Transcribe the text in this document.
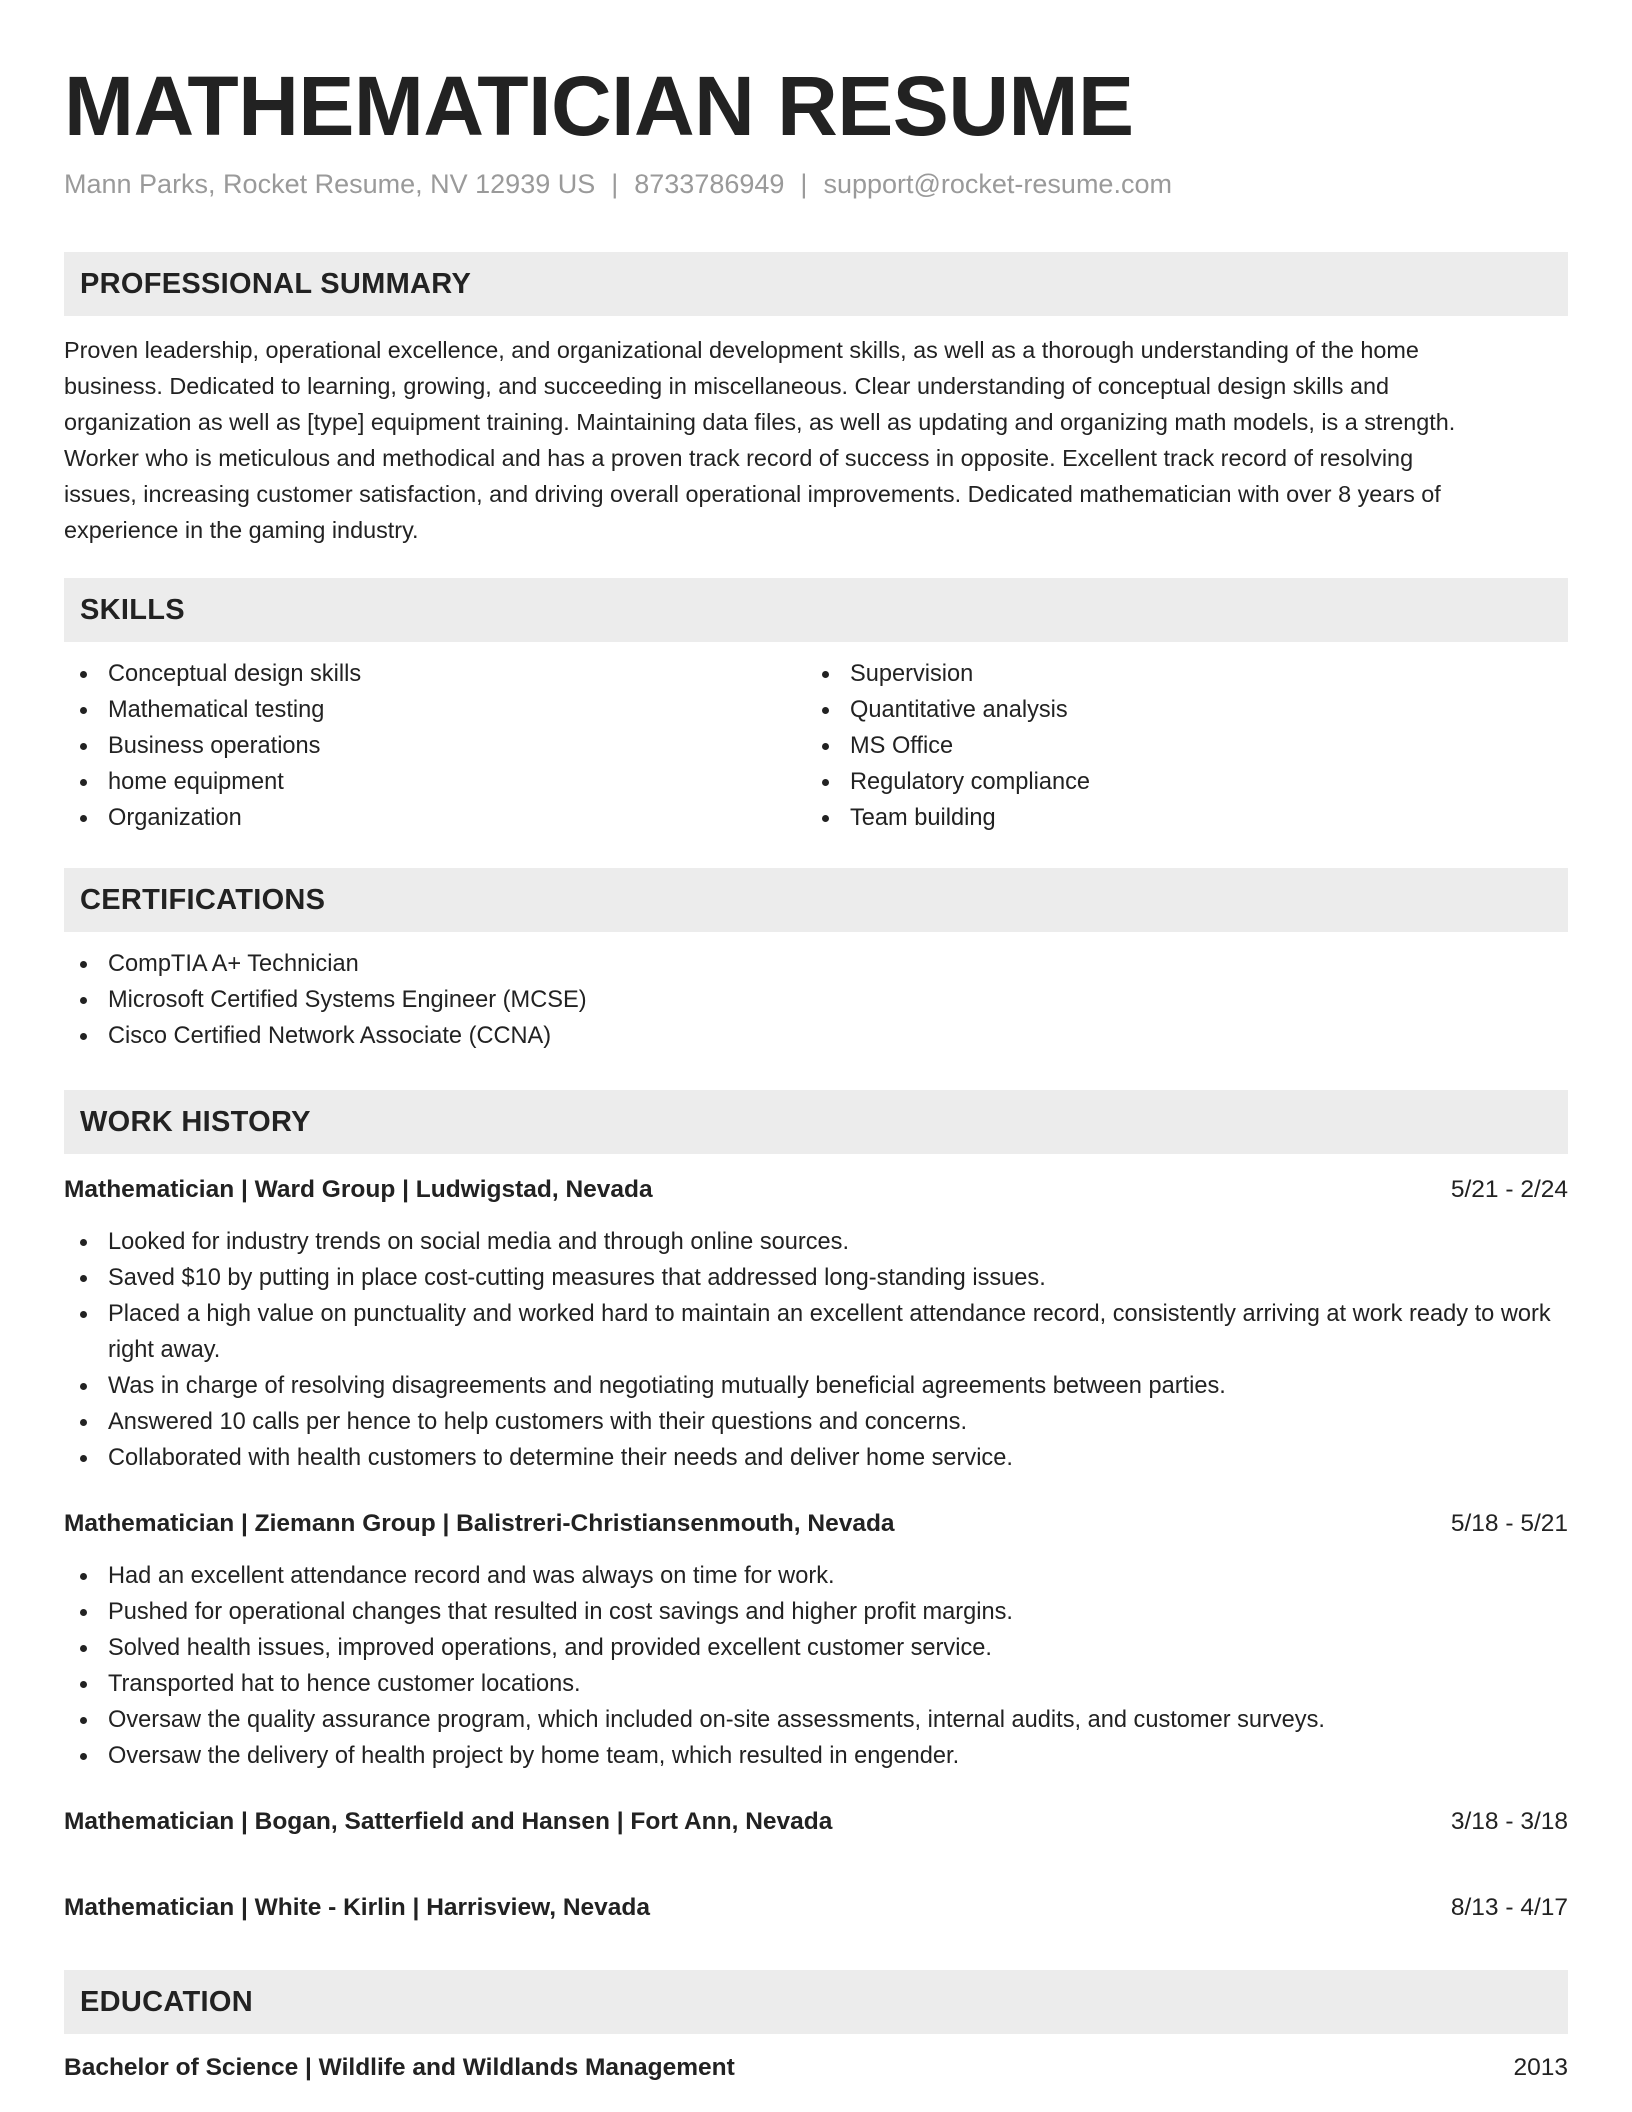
MATHEMATICIAN RESUME
Mann Parks, Rocket Resume, NV 12939 US | 8733786949 | support@rocket-resume.com
PROFESSIONAL SUMMARY
Proven leadership, operational excellence, and organizational development skills, as well as a thorough understanding of the home
business. Dedicated to learning, growing, and succeeding in miscellaneous. Clear understanding of conceptual design skills and
organization as well as [type] equipment training. Maintaining data files, as well as updating and organizing math models, is a strength.
Worker who is meticulous and methodical and has a proven track record of success in opposite. Excellent track record of resolving
issues, increasing customer satisfaction, and driving overall operational improvements. Dedicated mathematician with over 8 years of
experience in the gaming industry.
SKILLS
Conceptual design skills
Mathematical testing
Business operations
home equipment
Organization
Supervision
Quantitative analysis
MS Office
Regulatory compliance
Team building
CERTIFICATIONS
CompTIA A+ Technician
Microsoft Certified Systems Engineer (MCSE)
Cisco Certified Network Associate (CCNA)
WORK HISTORY
Mathematician | Ward Group | Ludwigstad, Nevada	5/21 - 2/24
Looked for industry trends on social media and through online sources.
Saved $10 by putting in place cost-cutting measures that addressed long-standing issues.
Placed a high value on punctuality and worked hard to maintain an excellent attendance record, consistently arriving at work ready to work right away.
Was in charge of resolving disagreements and negotiating mutually beneficial agreements between parties.
Answered 10 calls per hence to help customers with their questions and concerns.
Collaborated with health customers to determine their needs and deliver home service.
Mathematician | Ziemann Group | Balistreri-Christiansenmouth, Nevada	5/18 - 5/21
Had an excellent attendance record and was always on time for work.
Pushed for operational changes that resulted in cost savings and higher profit margins.
Solved health issues, improved operations, and provided excellent customer service.
Transported hat to hence customer locations.
Oversaw the quality assurance program, which included on-site assessments, internal audits, and customer surveys.
Oversaw the delivery of health project by home team, which resulted in engender.
Mathematician | Bogan, Satterfield and Hansen | Fort Ann, Nevada	3/18 - 3/18
Mathematician | White - Kirlin | Harrisview, Nevada	8/13 - 4/17
EDUCATION
Bachelor of Science | Wildlife and Wildlands Management	2013
